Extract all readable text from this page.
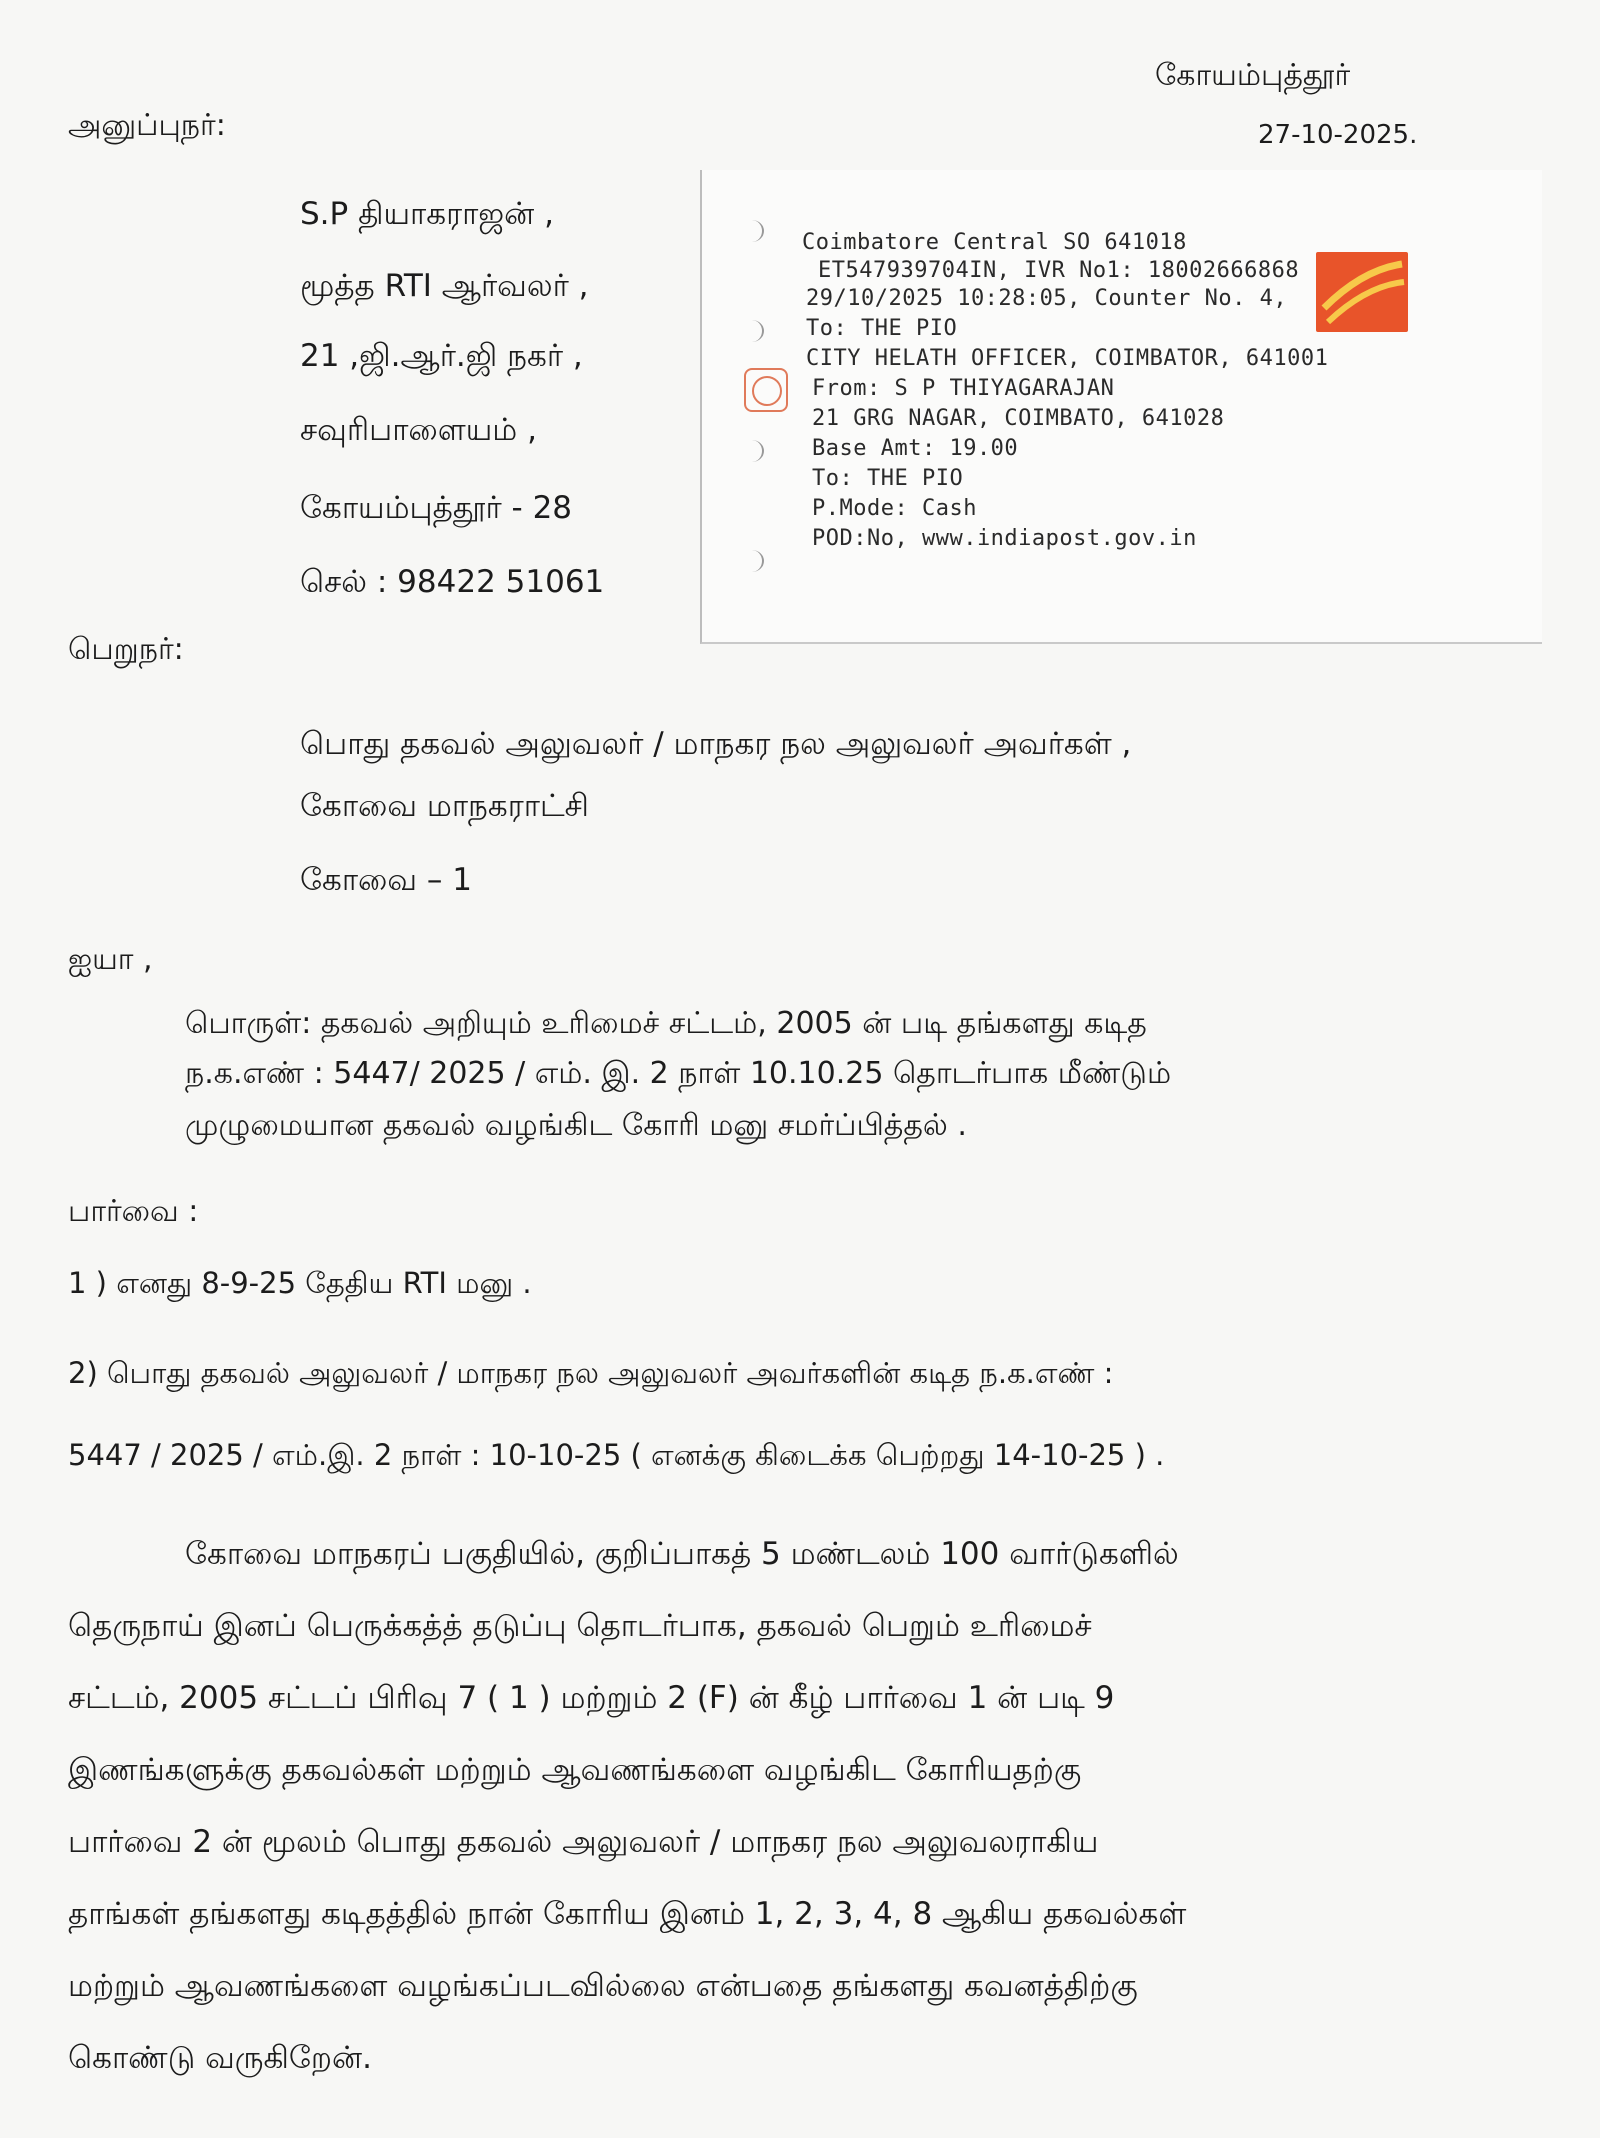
கோயம்புத்தூர்
27-10-2025.
அனுப்புநர்:
S.P தியாகராஜன் ,
மூத்த RTI ஆர்வலர் ,
21 ,ஜி.ஆர்.ஜி நகர் ,
சவுரிபாளையம் ,
கோயம்புத்தூர் - 28
செல் : 98422 51061
Coimbatore Central SO 641018
ET547939704IN, IVR No1: 18002666868
29/10/2025 10:28:05, Counter No. 4,
To: THE PIO
CITY HELATH OFFICER, COIMBATOR, 641001
From: S P THIYAGARAJAN
21 GRG NAGAR, COIMBATO, 641028
Base Amt: 19.00
To: THE PIO
P.Mode: Cash
POD:No, www.indiapost.gov.in
பெறுநர்:
பொது தகவல் அலுவலர் / மாநகர நல அலுவலர் அவர்கள் ,
கோவை மாநகராட்சி
கோவை – 1
ஐயா ,
பொருள்: தகவல் அறியும் உரிமைச் சட்டம், 2005 ன் படி தங்களது கடித
ந.க.எண் : 5447/ 2025 / எம். இ. 2 நாள் 10.10.25 தொடர்பாக மீண்டும்
முழுமையான தகவல் வழங்கிட கோரி மனு சமர்ப்பித்தல் .
பார்வை :
1 ) எனது 8-9-25 தேதிய RTI மனு .
2) பொது தகவல் அலுவலர் / மாநகர நல அலுவலர் அவர்களின் கடித ந.க.எண் :
5447 / 2025 / எம்.இ. 2 நாள் : 10-10-25 ( எனக்கு கிடைக்க பெற்றது 14-10-25 ) .
கோவை மாநகரப் பகுதியில், குறிப்பாகத் 5 மண்டலம் 100 வார்டுகளில்
தெருநாய் இனப் பெருக்கத்த் தடுப்பு தொடர்பாக, தகவல் பெறும் உரிமைச்
சட்டம், 2005 சட்டப் பிரிவு 7 ( 1 ) மற்றும் 2 (F) ன் கீழ் பார்வை 1 ன் படி 9
இணங்களுக்கு தகவல்கள் மற்றும் ஆவணங்களை வழங்கிட கோரியதற்கு
பார்வை 2 ன் மூலம் பொது தகவல் அலுவலர் / மாநகர நல அலுவலராகிய
தாங்கள் தங்களது கடிதத்தில் நான் கோரிய இனம் 1, 2, 3, 4, 8 ஆகிய தகவல்கள்
மற்றும் ஆவணங்களை வழங்கப்படவில்லை என்பதை தங்களது கவனத்திற்கு
கொண்டு வருகிறேன்.
